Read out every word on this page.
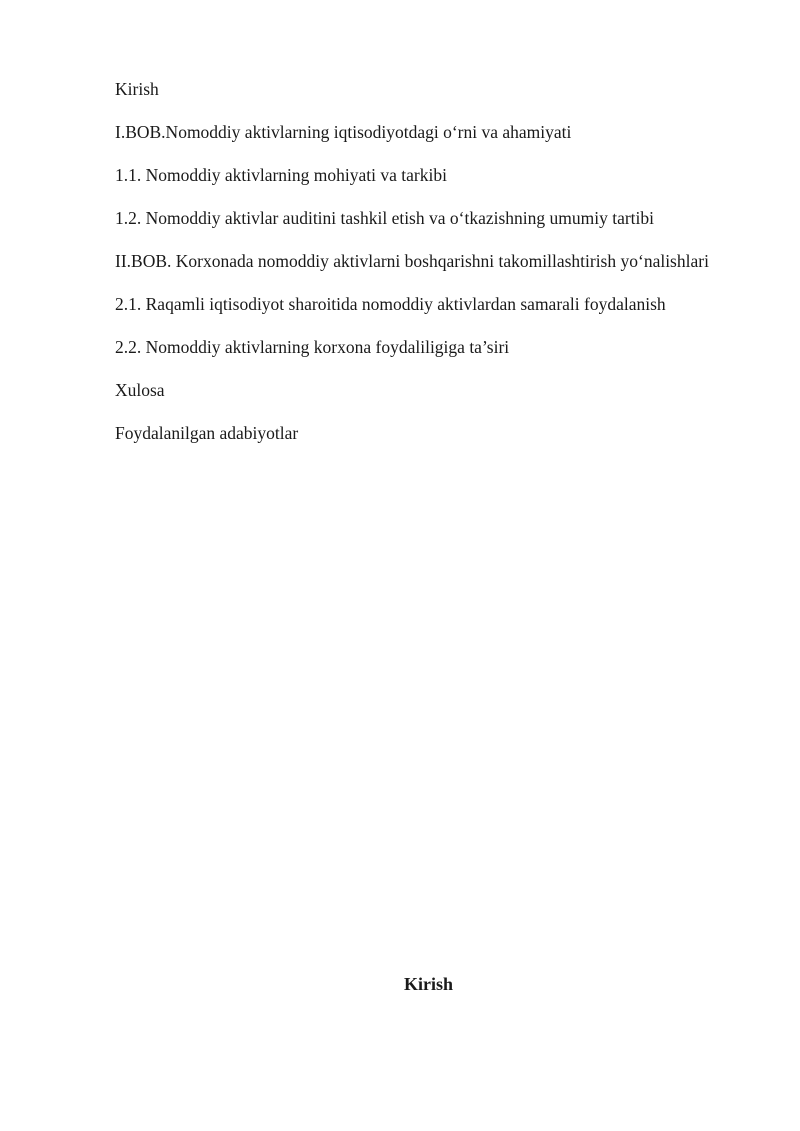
Kirish
I.BOB.Nomoddiy aktivlarning iqtisodiyotdagi o‘rni va ahamiyati
1.1. Nomoddiy aktivlarning mohiyati va tarkibi
1.2. Nomoddiy aktivlar auditini tashkil etish va o‘tkazishning umumiy tartibi
II.BOB. Korxonada nomoddiy aktivlarni boshqarishni takomillashtirish yo‘nalishlari
2.1. Raqamli iqtisodiyot sharoitida nomoddiy aktivlardan samarali foydalanish
2.2. Nomoddiy aktivlarning korxona foydaliligiga ta’siri
Xulosa
Foydalanilgan adabiyotlar
Kirish
